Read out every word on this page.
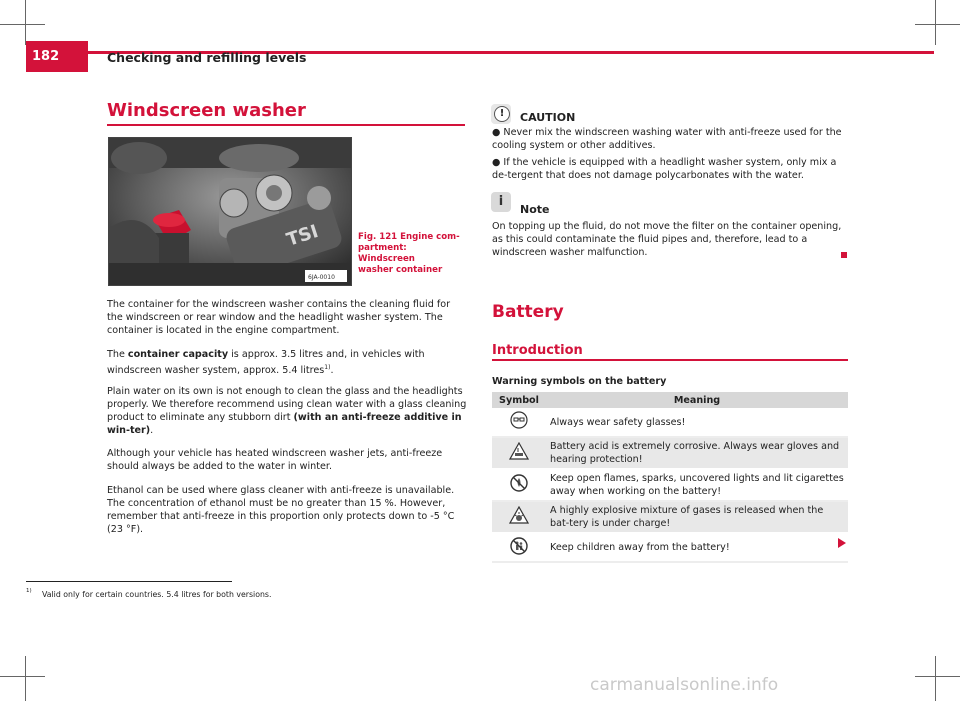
182	Checking and refilling levels
Windscreen washer
TSI
6JA-0010
Fig. 121 Engine com-
partment: Windscreen
washer container

The container for the windscreen washer contains the cleaning fluid for the windscreen or rear window and the headlight washer system. The container is located in the engine compartment.

The container capacity is approx. 3.5 litres and, in vehicles with windscreen washer system, approx. 5.4 litres$^{1)}$.

Plain water on its own is not enough to clean the glass and the headlights properly. We therefore recommend using clean water with a glass cleaning product to eliminate any stubborn dirt (with an anti-freeze additive in win-ter).

Although your vehicle has heated windscreen washer jets, anti-freeze should always be added to the water in winter.

Ethanol can be used where glass cleaner with anti-freeze is unavailable. The concentration of ethanol must be no greater than 15 %. However, remember that anti-freeze in this proportion only protects down to -5 °C (23 °F).

!	CAUTION
● Never mix the windscreen washing water with anti-freeze used for the cooling system or other additives.
● If the vehicle is equipped with a headlight washer system, only mix a de-tergent that does not damage polycarbonates with the water.
i
Note
On topping up the fluid, do not move the filter on the container opening, as this could contaminate the fluid pipes and, therefore, lead to a windscreen washer malfunction.
Battery
Introduction
Warning symbols on the battery
Symbol	Meaning
	Always wear safety glasses!
	Battery acid is extremely corrosive. Always wear gloves and hearing protection!
	Keep open flames, sparks, uncovered lights and lit cigarettes away when working on the battery!
	A highly explosive mixture of gases is released when the bat-tery is under charge!
	Keep children away from the battery!
$^{1)}$ Valid only for certain countries. 5.4 litres for both versions.
carmanualsonline.info
